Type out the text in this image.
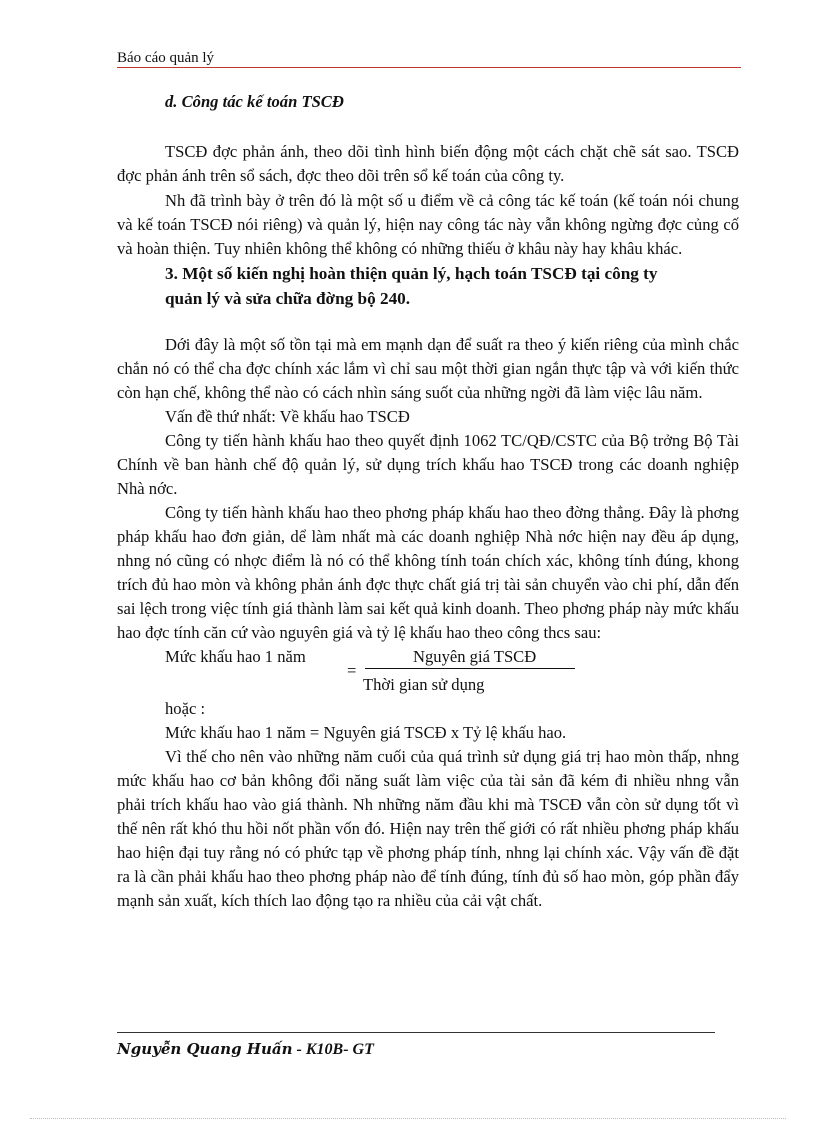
Báo cáo quản lý

d. Công tác kế toán TSCĐ

TSCĐ đợc phản ánh, theo dõi tình hình biến động một cách chặt chẽ sát sao. TSCĐ đợc phản ánh trên sổ sách, đợc theo dõi trên sổ kế toán của công ty.

Nh đã trình bày ở trên đó là một số u điểm về cả công tác kế toán (kế toán nói chung và kế toán TSCĐ nói riêng) và quản lý, hiện nay công tác này vẫn không ngừng đợc củng cố và hoàn thiện. Tuy nhiên không thể không có những thiếu ở khâu này hay khâu khác.

3. Một số kiến nghị hoàn thiện quản lý, hạch toán TSCĐ tại công ty
quản lý và sửa chữa đờng bộ 240.

Dới đây là một số tồn tại mà em mạnh dạn để suất ra theo ý kiến riêng của mình chắc chắn nó có thể cha đợc chính xác lắm vì chỉ sau một thời gian ngắn thực tập và với kiến thức còn hạn chế, không thể nào có cách nhìn sáng suốt của những ngời đã làm việc lâu năm.

Vấn đề thứ nhất: Về khấu hao TSCĐ

Công ty tiến hành khấu hao theo quyết định 1062 TC/QĐ/CSTC của Bộ trởng Bộ Tài Chính về ban hành chế độ quản lý, sử dụng trích khấu hao TSCĐ trong các doanh nghiệp Nhà nớc.

Công ty tiến hành khấu hao theo phơng pháp khấu hao theo đờng thẳng. Đây là phơng pháp khấu hao đơn giản, dể làm nhất mà các doanh nghiệp Nhà nớc hiện nay đều áp dụng, nhng nó cũng có nhợc điểm là nó có thể không tính toán chích xác, không tính đúng, khong trích đủ hao mòn và không phản ánh đợc thực chất giá trị tài sản chuyển vào chi phí, dẫn đến sai lệch trong việc tính giá thành làm sai kết quả kinh doanh. Theo phơng pháp này mức khấu hao đợc tính căn cứ vào nguyên giá và tỷ lệ khấu hao theo công thcs sau:

Mức khấu hao 1 năm	Nguyên giá TSCĐ
=
Thời gian sử dụng

hoặc :

Mức khấu hao 1 năm = Nguyên giá TSCĐ x Tỷ lệ khấu hao.

Vì thế cho nên vào những năm cuối của quá trình sử dụng giá trị hao mòn thấp, nhng mức khấu hao cơ bản không đổi năng suất làm việc của tài sản đã kém đi nhiều nhng vẫn phải trích khấu hao vào giá thành. Nh những năm đầu khi mà TSCĐ vẫn còn sử dụng tốt vì thế nên rất khó thu hồi nốt phần vốn đó. Hiện nay trên thế giới có rất nhiều phơng pháp khấu hao hiện đại tuy rằng nó có phức tạp về phơng pháp tính, nhng lại chính xác. Vậy vấn đề đặt ra là cần phải khấu hao theo phơng pháp nào để tính đúng, tính đủ số hao mòn, góp phần đẩy mạnh sản xuất, kích thích lao động tạo ra nhiều của cải vật chất.

Nguyễn Quang Huấn - K10B- GT
